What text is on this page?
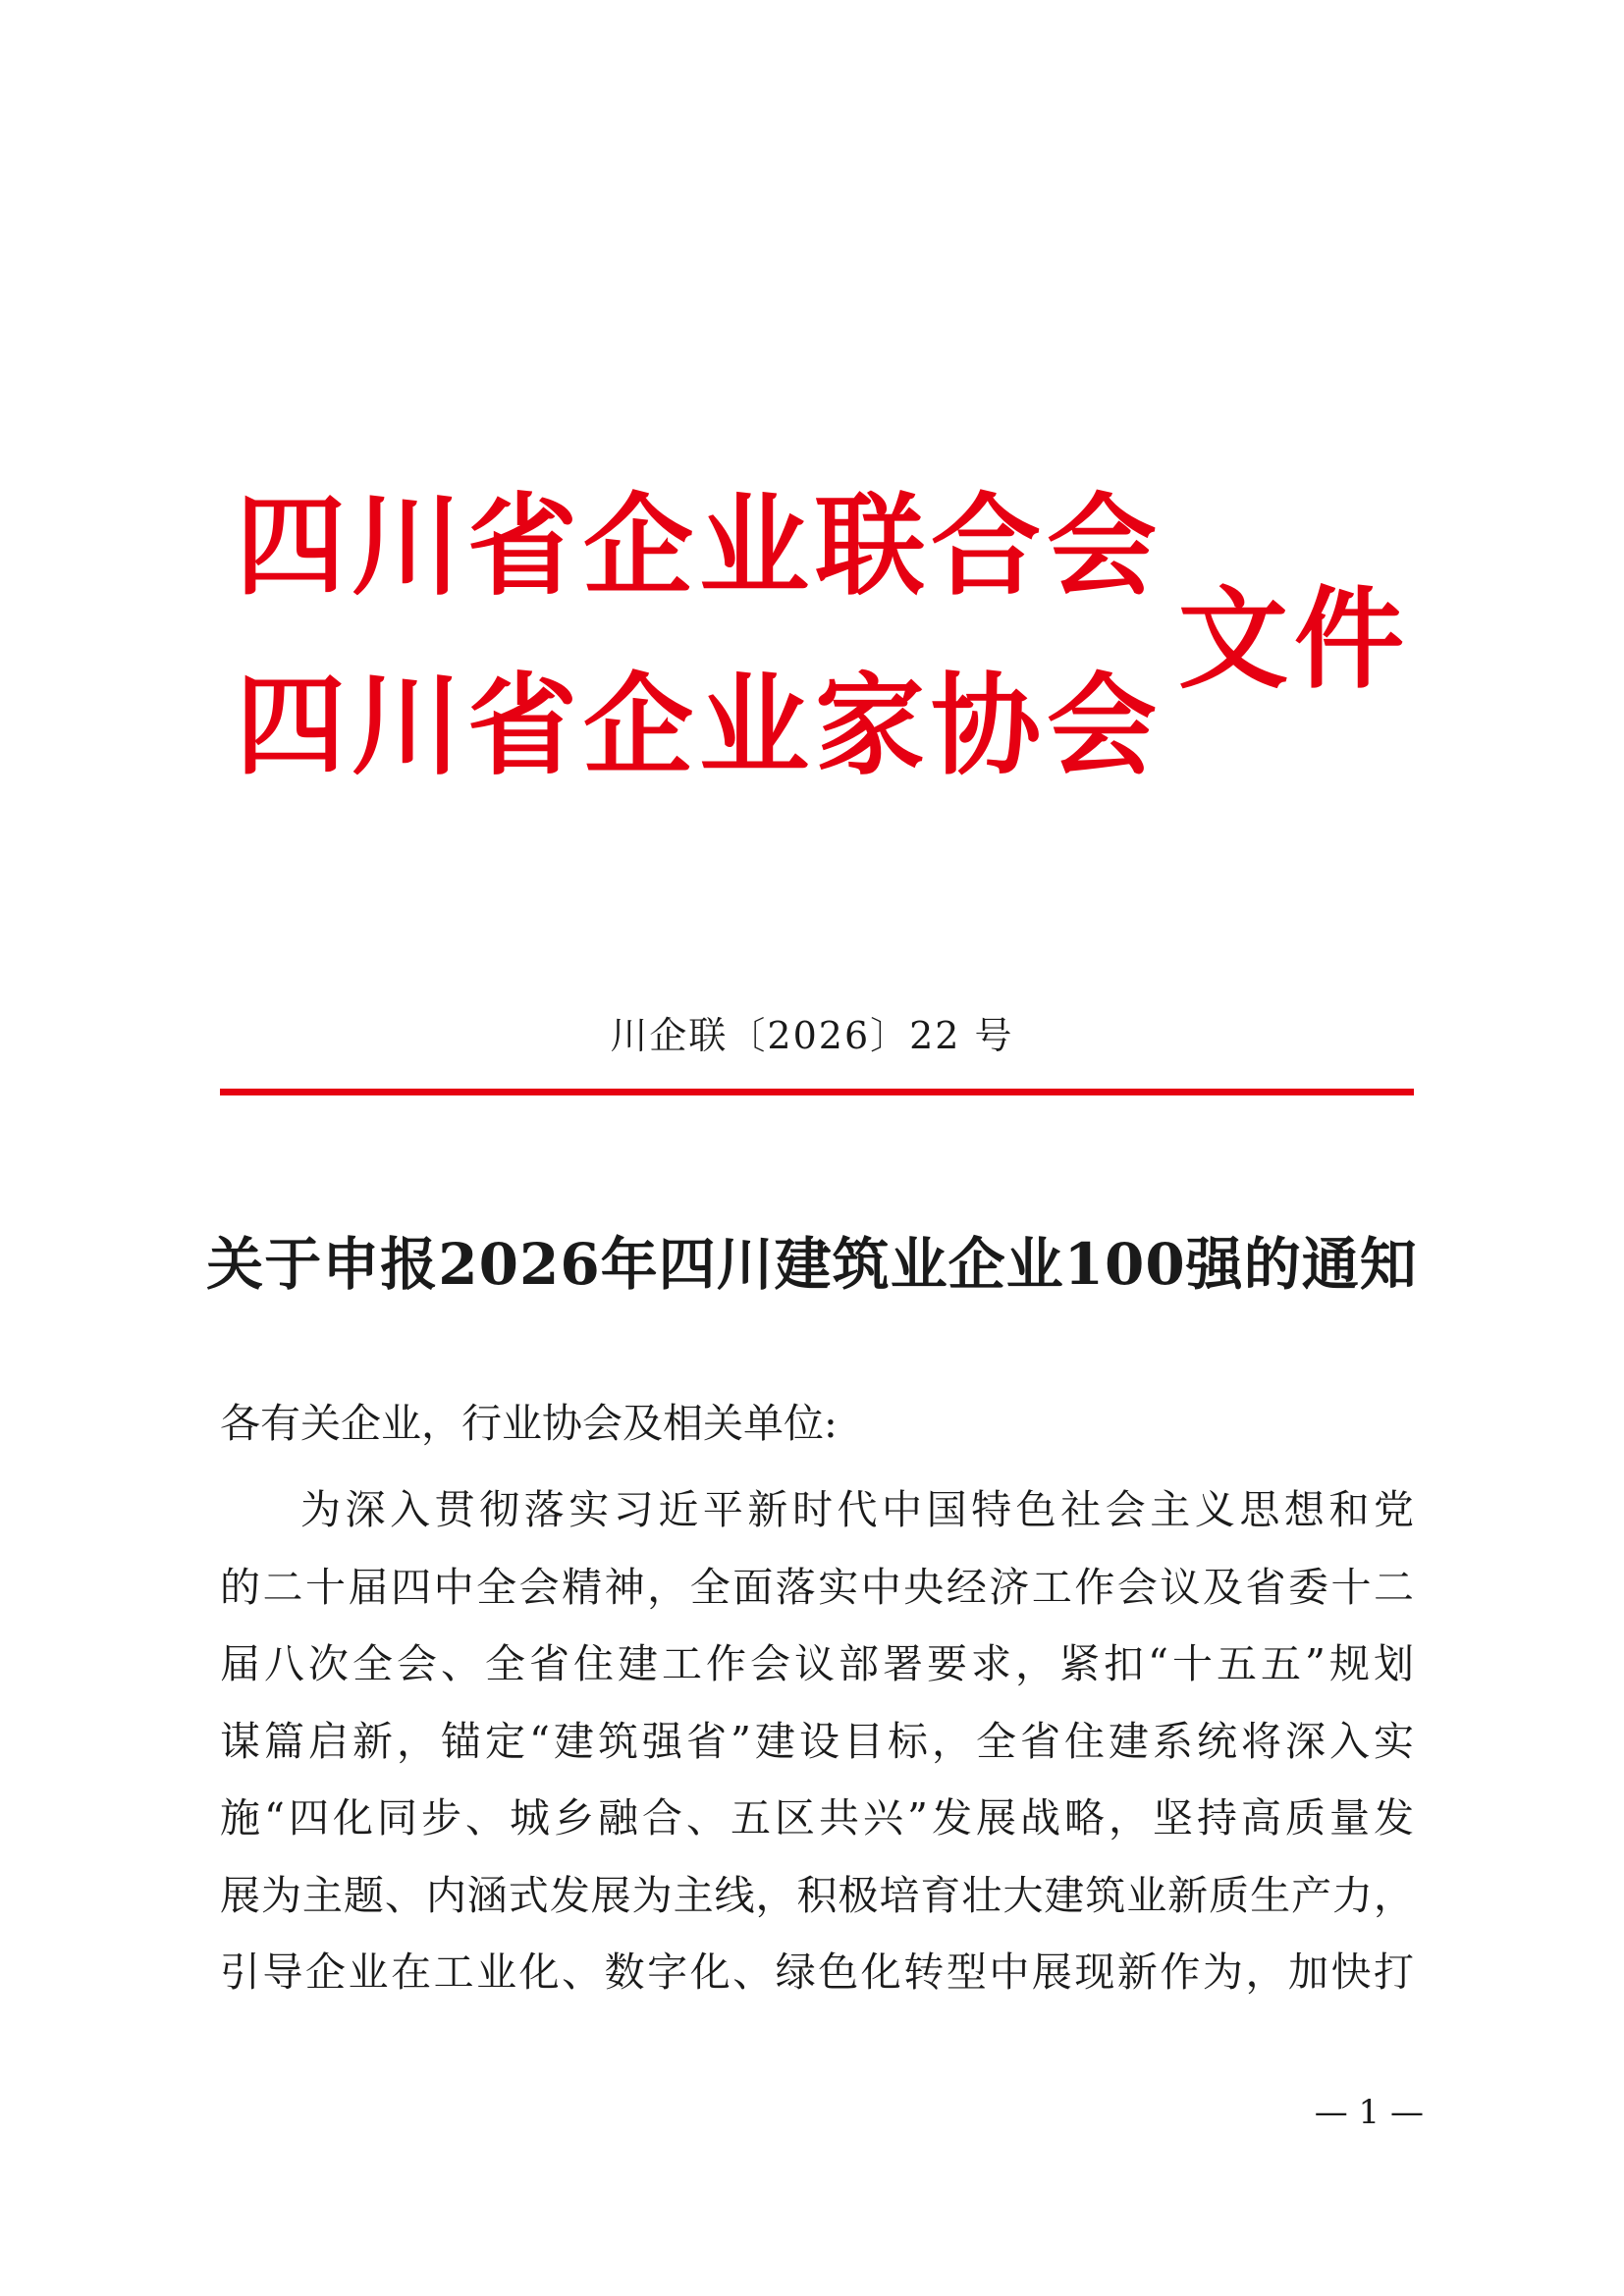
四川省企业联合会
四川省企业家协会
文件
川企联〔2026〕22 号
关于申报2026年四川建筑业企业100强的通知
各有关企业，行业协会及相关单位:
为深入贯彻落实习近平新时代中国特色社会主义思想和党
的二十届四中全会精神，全面落实中央经济工作会议及省委十二
届八次全会、全省住建工作会议部署要求，紧扣“十五五”规划
谋篇启新，锚定“建筑强省”建设目标，全省住建系统将深入实
施“四化同步、城乡融合、五区共兴”发展战略，坚持高质量发
展为主题、内涵式发展为主线，积极培育壮大建筑业新质生产力，
引导企业在工业化、数字化、绿色化转型中展现新作为，加快打
— 1 —
